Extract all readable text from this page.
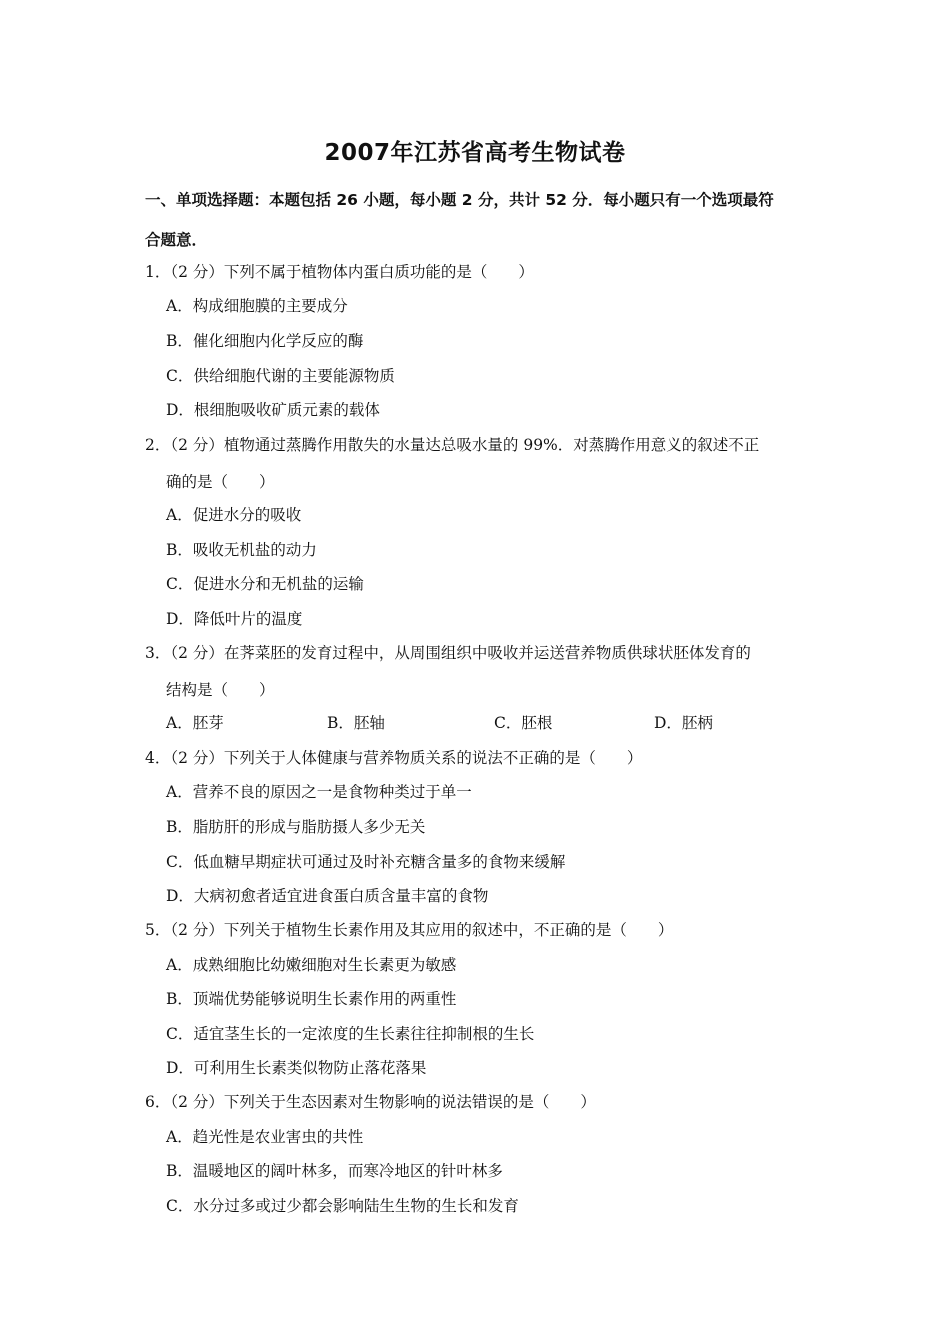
2007年江苏省高考生物试卷
一、单项选择题：本题包括 26 小题，每小题 2 分，共计 52 分．每小题只有一个选项最符
合题意．
1．（2 分）下列不属于植物体内蛋白质功能的是（　　）
A．构成细胞膜的主要成分
B．催化细胞内化学反应的酶
C．供给细胞代谢的主要能源物质
D．根细胞吸收矿质元素的载体
2．（2 分）植物通过蒸腾作用散失的水量达总吸水量的 99%．对蒸腾作用意义的叙述不正
确的是（　　）
A．促进水分的吸收
B．吸收无机盐的动力
C．促进水分和无机盐的运输
D．降低叶片的温度
3．（2 分）在荠菜胚的发育过程中，从周围组织中吸收并运送营养物质供球状胚体发育的
结构是（　　）
A．胚芽	B．胚轴	C．胚根	D．胚柄
4．（2 分）下列关于人体健康与营养物质关系的说法不正确的是（　　）
A．营养不良的原因之一是食物种类过于单一
B．脂肪肝的形成与脂肪摄人多少无关
C．低血糖早期症状可通过及时补充糖含量多的食物来缓解
D．大病初愈者适宜进食蛋白质含量丰富的食物
5．（2 分）下列关于植物生长素作用及其应用的叙述中，不正确的是（　　）
A．成熟细胞比幼嫩细胞对生长素更为敏感
B．顶端优势能够说明生长素作用的两重性
C．适宜茎生长的一定浓度的生长素往往抑制根的生长
D．可利用生长素类似物防止落花落果
6．（2 分）下列关于生态因素对生物影响的说法错误的是（　　）
A．趋光性是农业害虫的共性
B．温暖地区的阔叶林多，而寒冷地区的针叶林多
C．水分过多或过少都会影响陆生生物的生长和发育
